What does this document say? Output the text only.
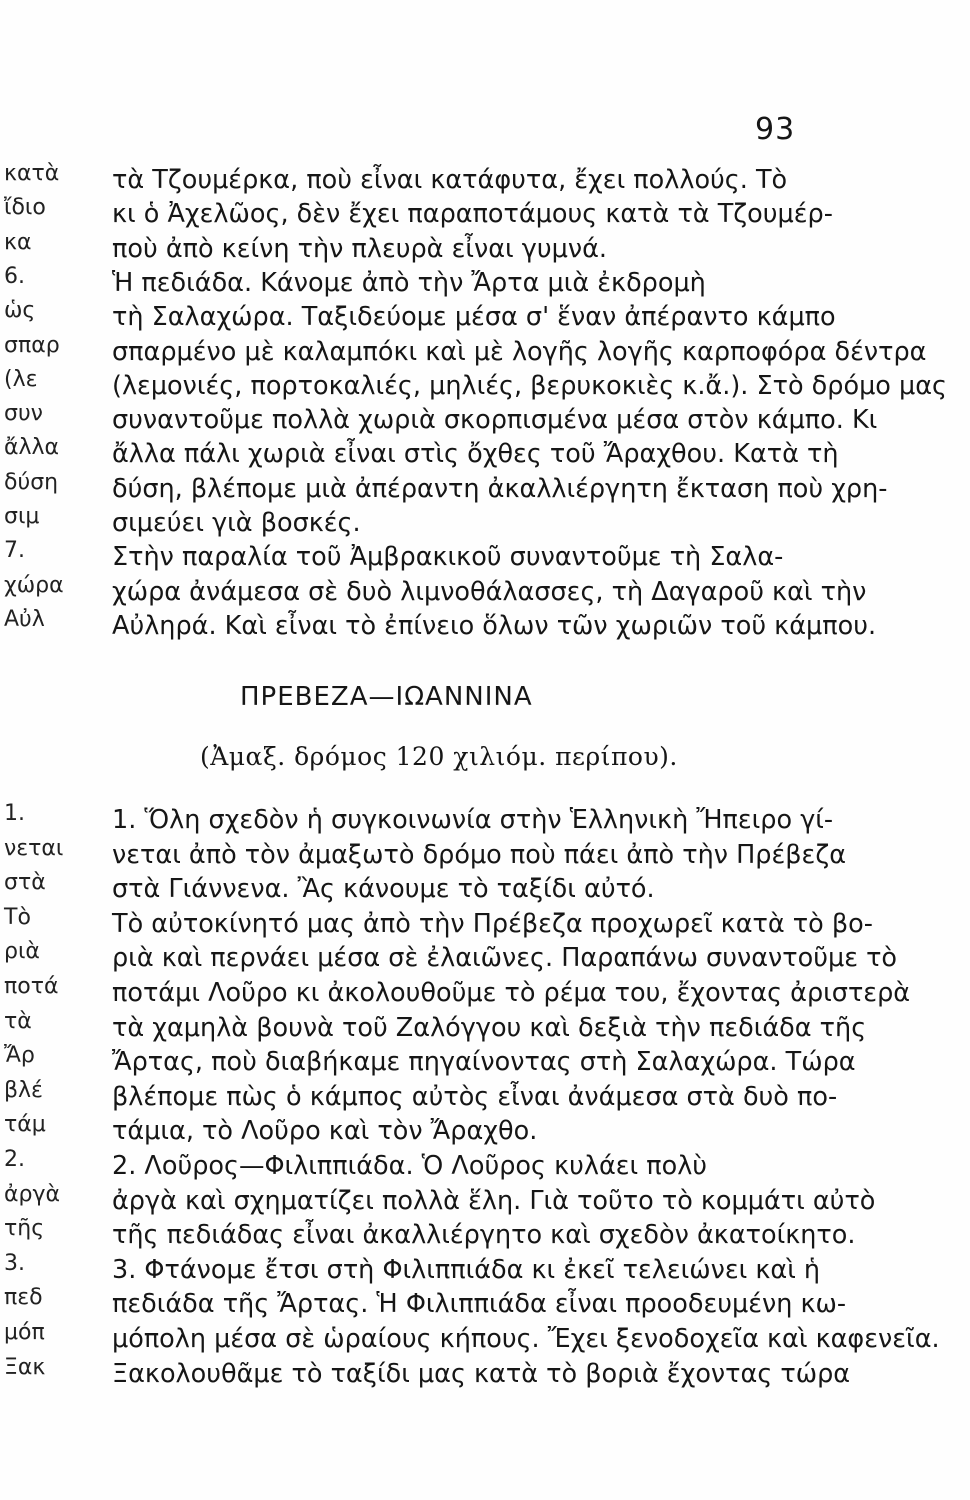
93
τὰ Τζουμέρκα, ποὺ εἶναι κατάφυτα, ἔχει πολλούς. Τὸ
κατὰ
κι ὁ Ἀχελῶος, δὲν ἔχει παραποτάμους κατὰ τὰ Τζουμέρ-
ἴδιο
ποὺ ἀπὸ κείνη τὴν πλευρὰ εἶναι γυμνά.
κα
Ἡ πεδιάδα. Κάνομε ἀπὸ τὴν Ἄρτα μιὰ ἐκδρομὴ
6.
τὴ Σαλαχώρα. Ταξιδεύομε μέσα σ' ἕναν ἀπέραντο κάμπο
ὡς
σπαρμένο μὲ καλαμπόκι καὶ μὲ λογῆς λογῆς καρποφόρα δέντρα
σπαρ
(λεμονιές, πορτοκαλιές, μηλιές, βερυκοκιὲς κ.ἄ.). Στὸ δρόμο μας
(λε
συναντοῦμε πολλὰ χωριὰ σκορπισμένα μέσα στὸν κάμπο. Κι
συν
ἄλλα πάλι χωριὰ εἶναι στὶς ὄχθες τοῦ Ἄραχθου. Κατὰ τὴ
ἄλλα
δύση, βλέπομε μιὰ ἀπέραντη ἀκαλλιέργητη ἔκταση ποὺ χρη-
δύση
σιμεύει γιὰ βοσκές.
σιμ
Στὴν παραλία τοῦ Ἀμβρακικοῦ συναντοῦμε τὴ Σαλα-
7.
χώρα ἀνάμεσα σὲ δυὸ λιμνοθάλασσες, τὴ Δαγαροῦ καὶ τὴν
χώρα
Αὐληρά. Καὶ εἶναι τὸ ἐπίνειο ὅλων τῶν χωριῶν τοῦ κάμπου.
Αὐλ
ΠΡΕΒΕΖΑ—ΙΩΑΝΝΙΝΑ
(Ἀμαξ. δρόμος 120 χιλιόμ. περίπου).
1. Ὅλη σχεδὸν ἡ συγκοινωνία στὴν Ἑλληνικὴ Ἤπειρο γί-
1.
νεται ἀπὸ τὸν ἀμαξωτὸ δρόμο ποὺ πάει ἀπὸ τὴν Πρέβεζα
νεται
στὰ Γιάννενα. Ἂς κάνουμε τὸ ταξίδι αὐτό.
στὰ
Τὸ αὐτοκίνητό μας ἀπὸ τὴν Πρέβεζα προχωρεῖ κατὰ τὸ βο-
Τὸ
ριὰ καὶ περνάει μέσα σὲ ἐλαιῶνες. Παραπάνω συναντοῦμε τὸ
ριὰ
ποτάμι Λοῦρο κι ἀκολουθοῦμε τὸ ρέμα του, ἔχοντας ἀριστερὰ
ποτά
τὰ χαμηλὰ βουνὰ τοῦ Ζαλόγγου καὶ δεξιὰ τὴν πεδιάδα τῆς
τὰ
Ἄρτας, ποὺ διαβήκαμε πηγαίνοντας στὴ Σαλαχώρα. Τώρα
Ἄρ
βλέπομε πὼς ὁ κάμπος αὐτὸς εἶναι ἀνάμεσα στὰ δυὸ πο-
βλέ
τάμια, τὸ Λοῦρο καὶ τὸν Ἄραχθο.
τάμ
2. Λοῦρος—Φιλιππιάδα. Ὁ Λοῦρος κυλάει πολὺ
2.
ἀργὰ καὶ σχηματίζει πολλὰ ἕλη. Γιὰ τοῦτο τὸ κομμάτι αὐτὸ
ἀργὰ
τῆς πεδιάδας εἶναι ἀκαλλιέργητο καὶ σχεδὸν ἀκατοίκητο.
τῆς
3. Φτάνομε ἔτσι στὴ Φιλιππιάδα κι ἐκεῖ τελειώνει καὶ ἡ
3.
πεδιάδα τῆς Ἄρτας. Ἡ Φιλιππιάδα εἶναι προοδευμένη κω-
πεδ
μόπολη μέσα σὲ ὡραίους κήπους. Ἔχει ξενοδοχεῖα καὶ καφενεῖα.
μόπ
Ξακολουθᾶμε τὸ ταξίδι μας κατὰ τὸ βοριὰ ἔχοντας τώρα
Ξακ
